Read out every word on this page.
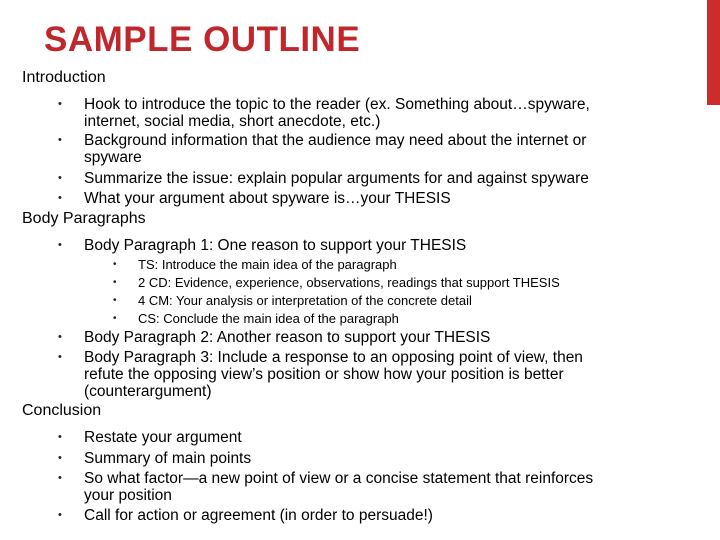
SAMPLE OUTLINE
Introduction
• Hook to introduce the topic to the reader (ex. Something about…spyware,
internet, social media, short anecdote, etc.)
• Background information that the audience may need about the internet or
spyware
• Summarize the issue: explain popular arguments for and against spyware
• What your argument about spyware is…your THESIS
Body Paragraphs
• Body Paragraph 1: One reason to support your THESIS
• TS: Introduce the main idea of the paragraph
• 2 CD: Evidence, experience, observations, readings that support THESIS
• 4 CM: Your analysis or interpretation of the concrete detail
• CS: Conclude the main idea of the paragraph
• Body Paragraph 2: Another reason to support your THESIS
• Body Paragraph 3: Include a response to an opposing point of view, then
refute the opposing view’s position or show how your position is better
(counterargument)
Conclusion
• Restate your argument
• Summary of main points
• So what factor—a new point of view or a concise statement that reinforces
your position
• Call for action or agreement (in order to persuade!)
